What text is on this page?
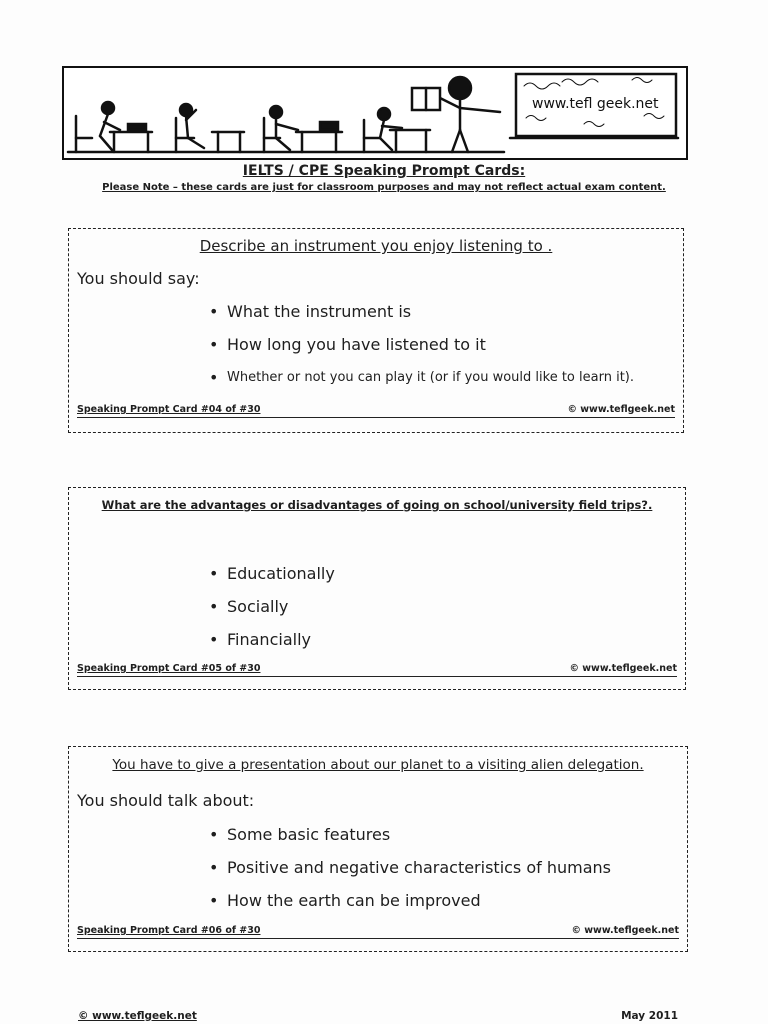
www.tefl geek.net
IELTS / CPE Speaking Prompt Cards:
Please Note – these cards are just for classroom purposes and may not reflect actual exam content.
Describe an instrument you enjoy listening to .
You should say:
• What the instrument is
• How long you have listened to it
• Whether or not you can play it (or if you would like to learn it).
Speaking Prompt Card #04 of #30	© www.teflgeek.net
What are the advantages or disadvantages of going on school/university field trips?.
• Educationally
• Socially
• Financially
Speaking Prompt Card #05 of #30	© www.teflgeek.net
You have to give a presentation about our planet to a visiting alien delegation.
You should talk about:
• Some basic features
• Positive and negative characteristics of humans
• How the earth can be improved
Speaking Prompt Card #06 of #30	© www.teflgeek.net
© www.teflgeek.net	May 2011
